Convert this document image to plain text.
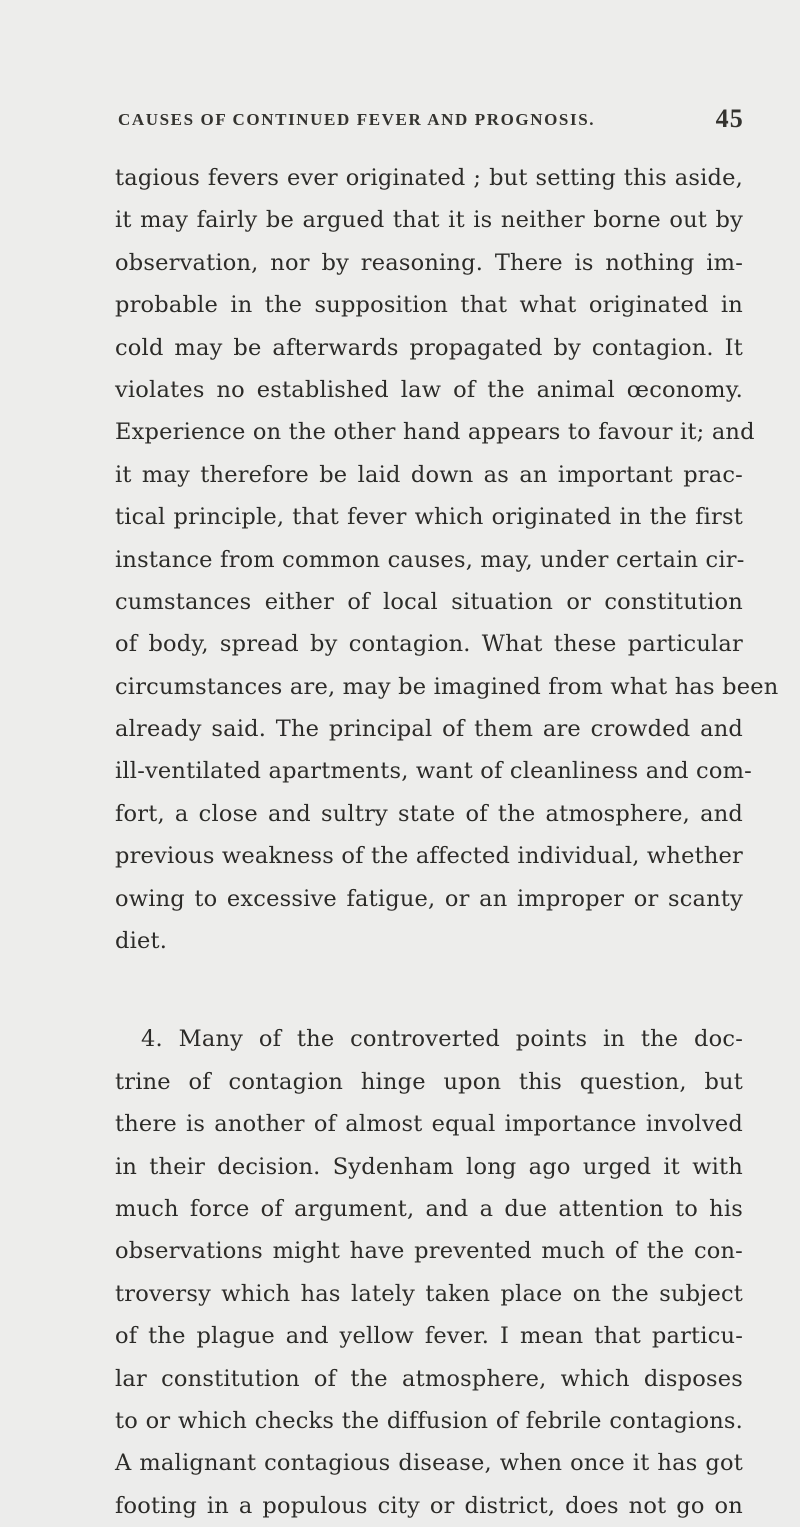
CAUSES OF CONTINUED FEVER AND PROGNOSIS.	45
tagious fevers ever originated ; but setting this aside,
it may fairly be argued that it is neither borne out by
observation, nor by reasoning. There is nothing im-
probable in the supposition that what originated in
cold may be afterwards propagated by contagion. It
violates no established law of the animal œconomy.
Experience on the other hand appears to favour it; and
it may therefore be laid down as an important prac-
tical principle, that fever which originated in the first
instance from common causes, may, under certain cir-
cumstances either of local situation or constitution
of body, spread by contagion. What these particular
circumstances are, may be imagined from what has been
already said. The principal of them are crowded and
ill-ventilated apartments, want of cleanliness and com-
fort, a close and sultry state of the atmosphere, and
previous weakness of the affected individual, whether
owing to excessive fatigue, or an improper or scanty
diet.
4. Many of the controverted points in the doc-
trine of contagion hinge upon this question, but
there is another of almost equal importance involved
in their decision. Sydenham long ago urged it with
much force of argument, and a due attention to his
observations might have prevented much of the con-
troversy which has lately taken place on the subject
of the plague and yellow fever. I mean that particu-
lar constitution of the atmosphere, which disposes
to or which checks the diffusion of febrile contagions.
A malignant contagious disease, when once it has got
footing in a populous city or district, does not go on
